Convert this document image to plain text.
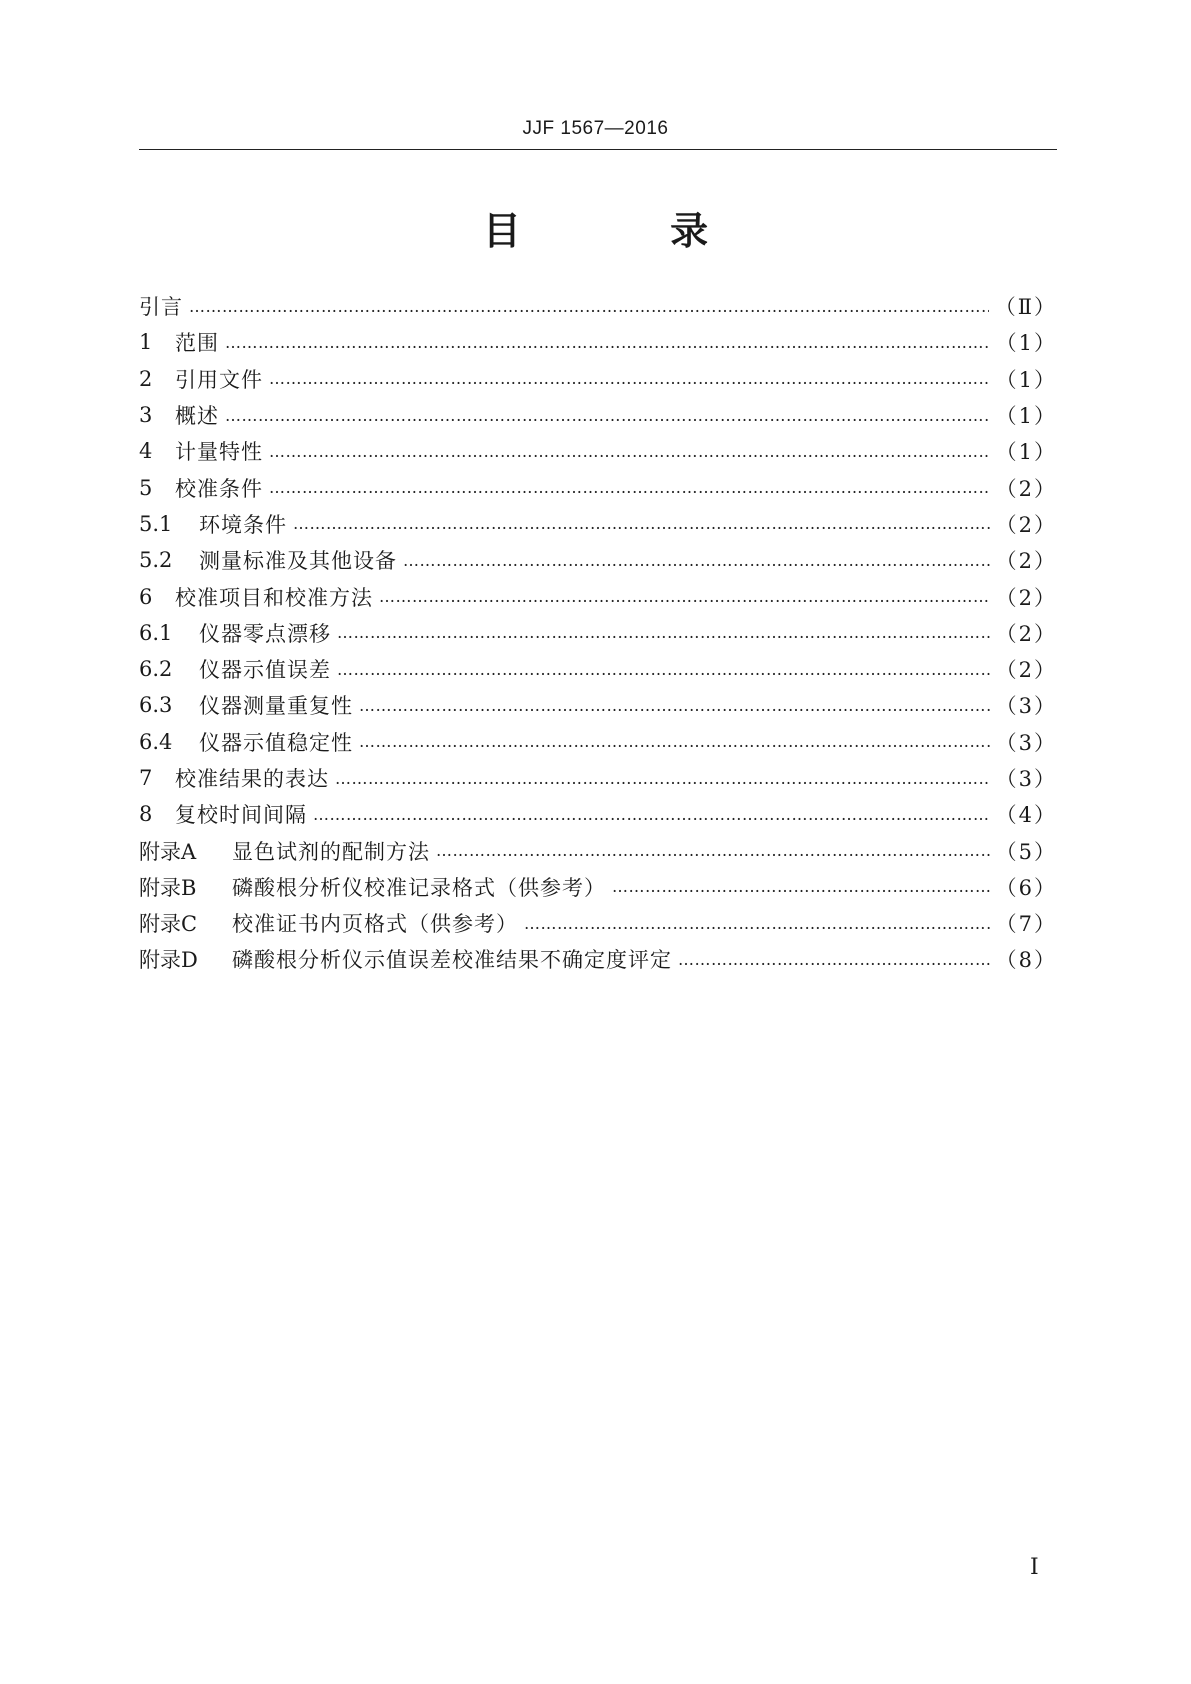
JJF 1567—2016
目 录
引言 …………………………………………………………………………………………………………………………………………………………………………………………………	（Ⅱ）
1	范围 …………………………………………………………………………………………………………………………………………………………………………………………………	（1）
2	引用文件 …………………………………………………………………………………………………………………………………………………………………………………………………	（1）
3	概述 …………………………………………………………………………………………………………………………………………………………………………………………………	（1）
4	计量特性 …………………………………………………………………………………………………………………………………………………………………………………………………	（1）
5	校准条件 …………………………………………………………………………………………………………………………………………………………………………………………………	（2）
5.1	环境条件 …………………………………………………………………………………………………………………………………………………………………………………………………	（2）
5.2	测量标准及其他设备 …………………………………………………………………………………………………………………………………………………………………………………………………	（2）
6	校准项目和校准方法 …………………………………………………………………………………………………………………………………………………………………………………………………	（2）
6.1	仪器零点漂移 …………………………………………………………………………………………………………………………………………………………………………………………………	（2）
6.2	仪器示值误差 …………………………………………………………………………………………………………………………………………………………………………………………………	（2）
6.3	仪器测量重复性 …………………………………………………………………………………………………………………………………………………………………………………………………	（3）
6.4	仪器示值稳定性 …………………………………………………………………………………………………………………………………………………………………………………………………	（3）
7	校准结果的表达 …………………………………………………………………………………………………………………………………………………………………………………………………	（3）
8	复校时间间隔 …………………………………………………………………………………………………………………………………………………………………………………………………	（4）
附录A	显色试剂的配制方法 …………………………………………………………………………………………………………………………………………………………………………………………………	（5）
附录B	磷酸根分析仪校准记录格式（供参考） …………………………………………………………………………………………………………………………………………………………………………………………………	（6）
附录C	校准证书内页格式（供参考） …………………………………………………………………………………………………………………………………………………………………………………………………	（7）
附录D	磷酸根分析仪示值误差校准结果不确定度评定 …………………………………………………………………………………………………………………………………………………………………………………………………	（8）
Ⅰ
